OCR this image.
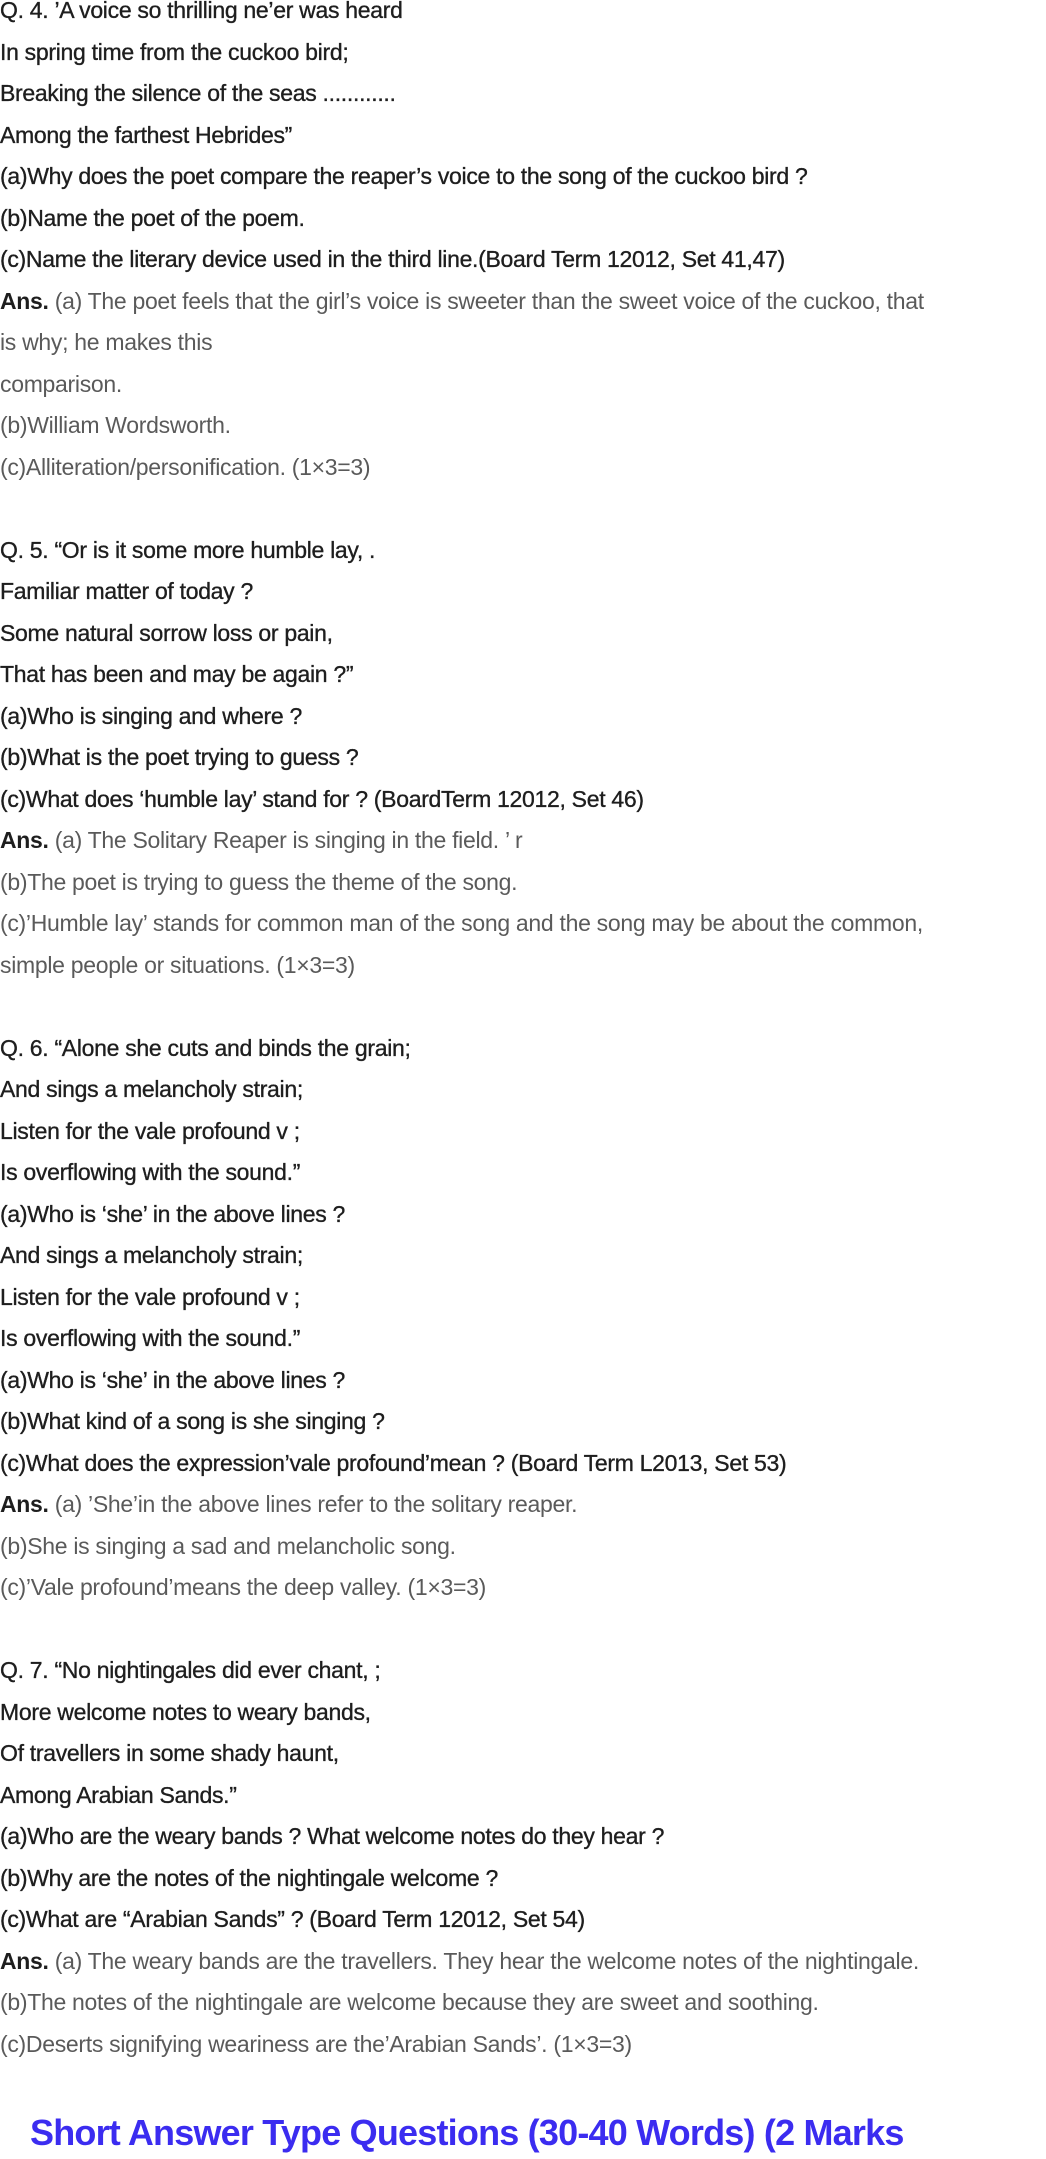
Q. 4. ’A voice so thrilling ne’er was heard
In spring time from the cuckoo bird;
Breaking the silence of the seas ............
Among the farthest Hebrides”
(a)Why does the poet compare the reaper’s voice to the song of the cuckoo bird ?
(b)Name the poet of the poem.
(c)Name the literary device used in the third line.(Board Term 12012, Set 41,47)
Ans. (a) The poet feels that the girl’s voice is sweeter than the sweet voice of the cuckoo, that
is why; he makes this
comparison.
(b)William Wordsworth.
(c)Alliteration/personification. (1×3=3)
Q. 5. “Or is it some more humble lay, .
Familiar matter of today ?
Some natural sorrow loss or pain,
That has been and may be again ?”
(a)Who is singing and where ?
(b)What is the poet trying to guess ?
(c)What does ‘humble lay’ stand for ? (BoardTerm 12012, Set 46)
Ans. (a) The Solitary Reaper is singing in the field. ’ r
(b)The poet is trying to guess the theme of the song.
(c)’Humble lay’ stands for common man of the song and the song may be about the common,
simple people or situations. (1×3=3)
Q. 6. “Alone she cuts and binds the grain;
And sings a melancholy strain;
Listen for the vale profound v ;
Is overflowing with the sound.”
(a)Who is ‘she’ in the above lines ?
And sings a melancholy strain;
Listen for the vale profound v ;
Is overflowing with the sound.”
(a)Who is ‘she’ in the above lines ?
(b)What kind of a song is she singing ?
(c)What does the expression’vale profound’mean ? (Board Term L2013, Set 53)
Ans. (a) ’She’in the above lines refer to the solitary reaper.
(b)She is singing a sad and melancholic song.
(c)’Vale profound’means the deep valley. (1×3=3)
Q. 7. “No nightingales did ever chant, ;
More welcome notes to weary bands,
Of travellers in some shady haunt,
Among Arabian Sands.”
(a)Who are the weary bands ? What welcome notes do they hear ?
(b)Why are the notes of the nightingale welcome ?
(c)What are “Arabian Sands” ? (Board Term 12012, Set 54)
Ans. (a) The weary bands are the travellers. They hear the welcome notes of the nightingale.
(b)The notes of the nightingale are welcome because they are sweet and soothing.
(c)Deserts signifying weariness are the’Arabian Sands’. (1×3=3)
Short Answer Type Questions (30-40 Words) (2 Marks
